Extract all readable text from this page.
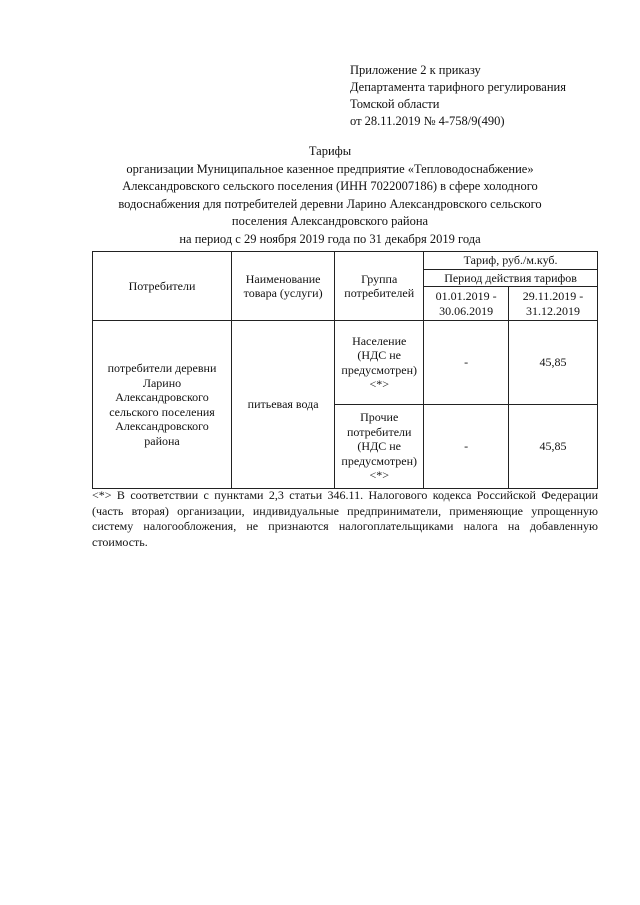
Приложение 2 к приказу
Департамента тарифного регулирования
Томской области
от 28.11.2019 № 4-758/9(490)
Тарифы
организации Муниципальное казенное предприятие «Тепловодоснабжение»
Александровского сельского поселения (ИНН 7022007186) в сфере холодного
водоснабжения для потребителей деревни Ларино Александровского сельского
поселения Александровского района
на период с 29 ноября 2019 года по 31 декабря 2019 года
Потребители	Наименование товара (услуги)	Группа потребителей	Тариф, руб./м.куб.	
			Период действия тарифов	
			01.01.2019 - 30.06.2019	29.11.2019 - 31.12.2019
потребители деревни Ларино Александровского сельского поселения Александровского района	питьевая вода	Население (НДС не предусмотрен) <*>	-	45,85
		Прочие потребители (НДС не предусмотрен) <*>	-	45,85
<*> В соответствии с пунктами 2,3 статьи 346.11. Налогового кодекса Российской Федерации (часть вторая) организации, индивидуальные предприниматели, применяющие упрощенную систему налогообложения, не признаются налогоплательщиками налога на добавленную стоимость.
